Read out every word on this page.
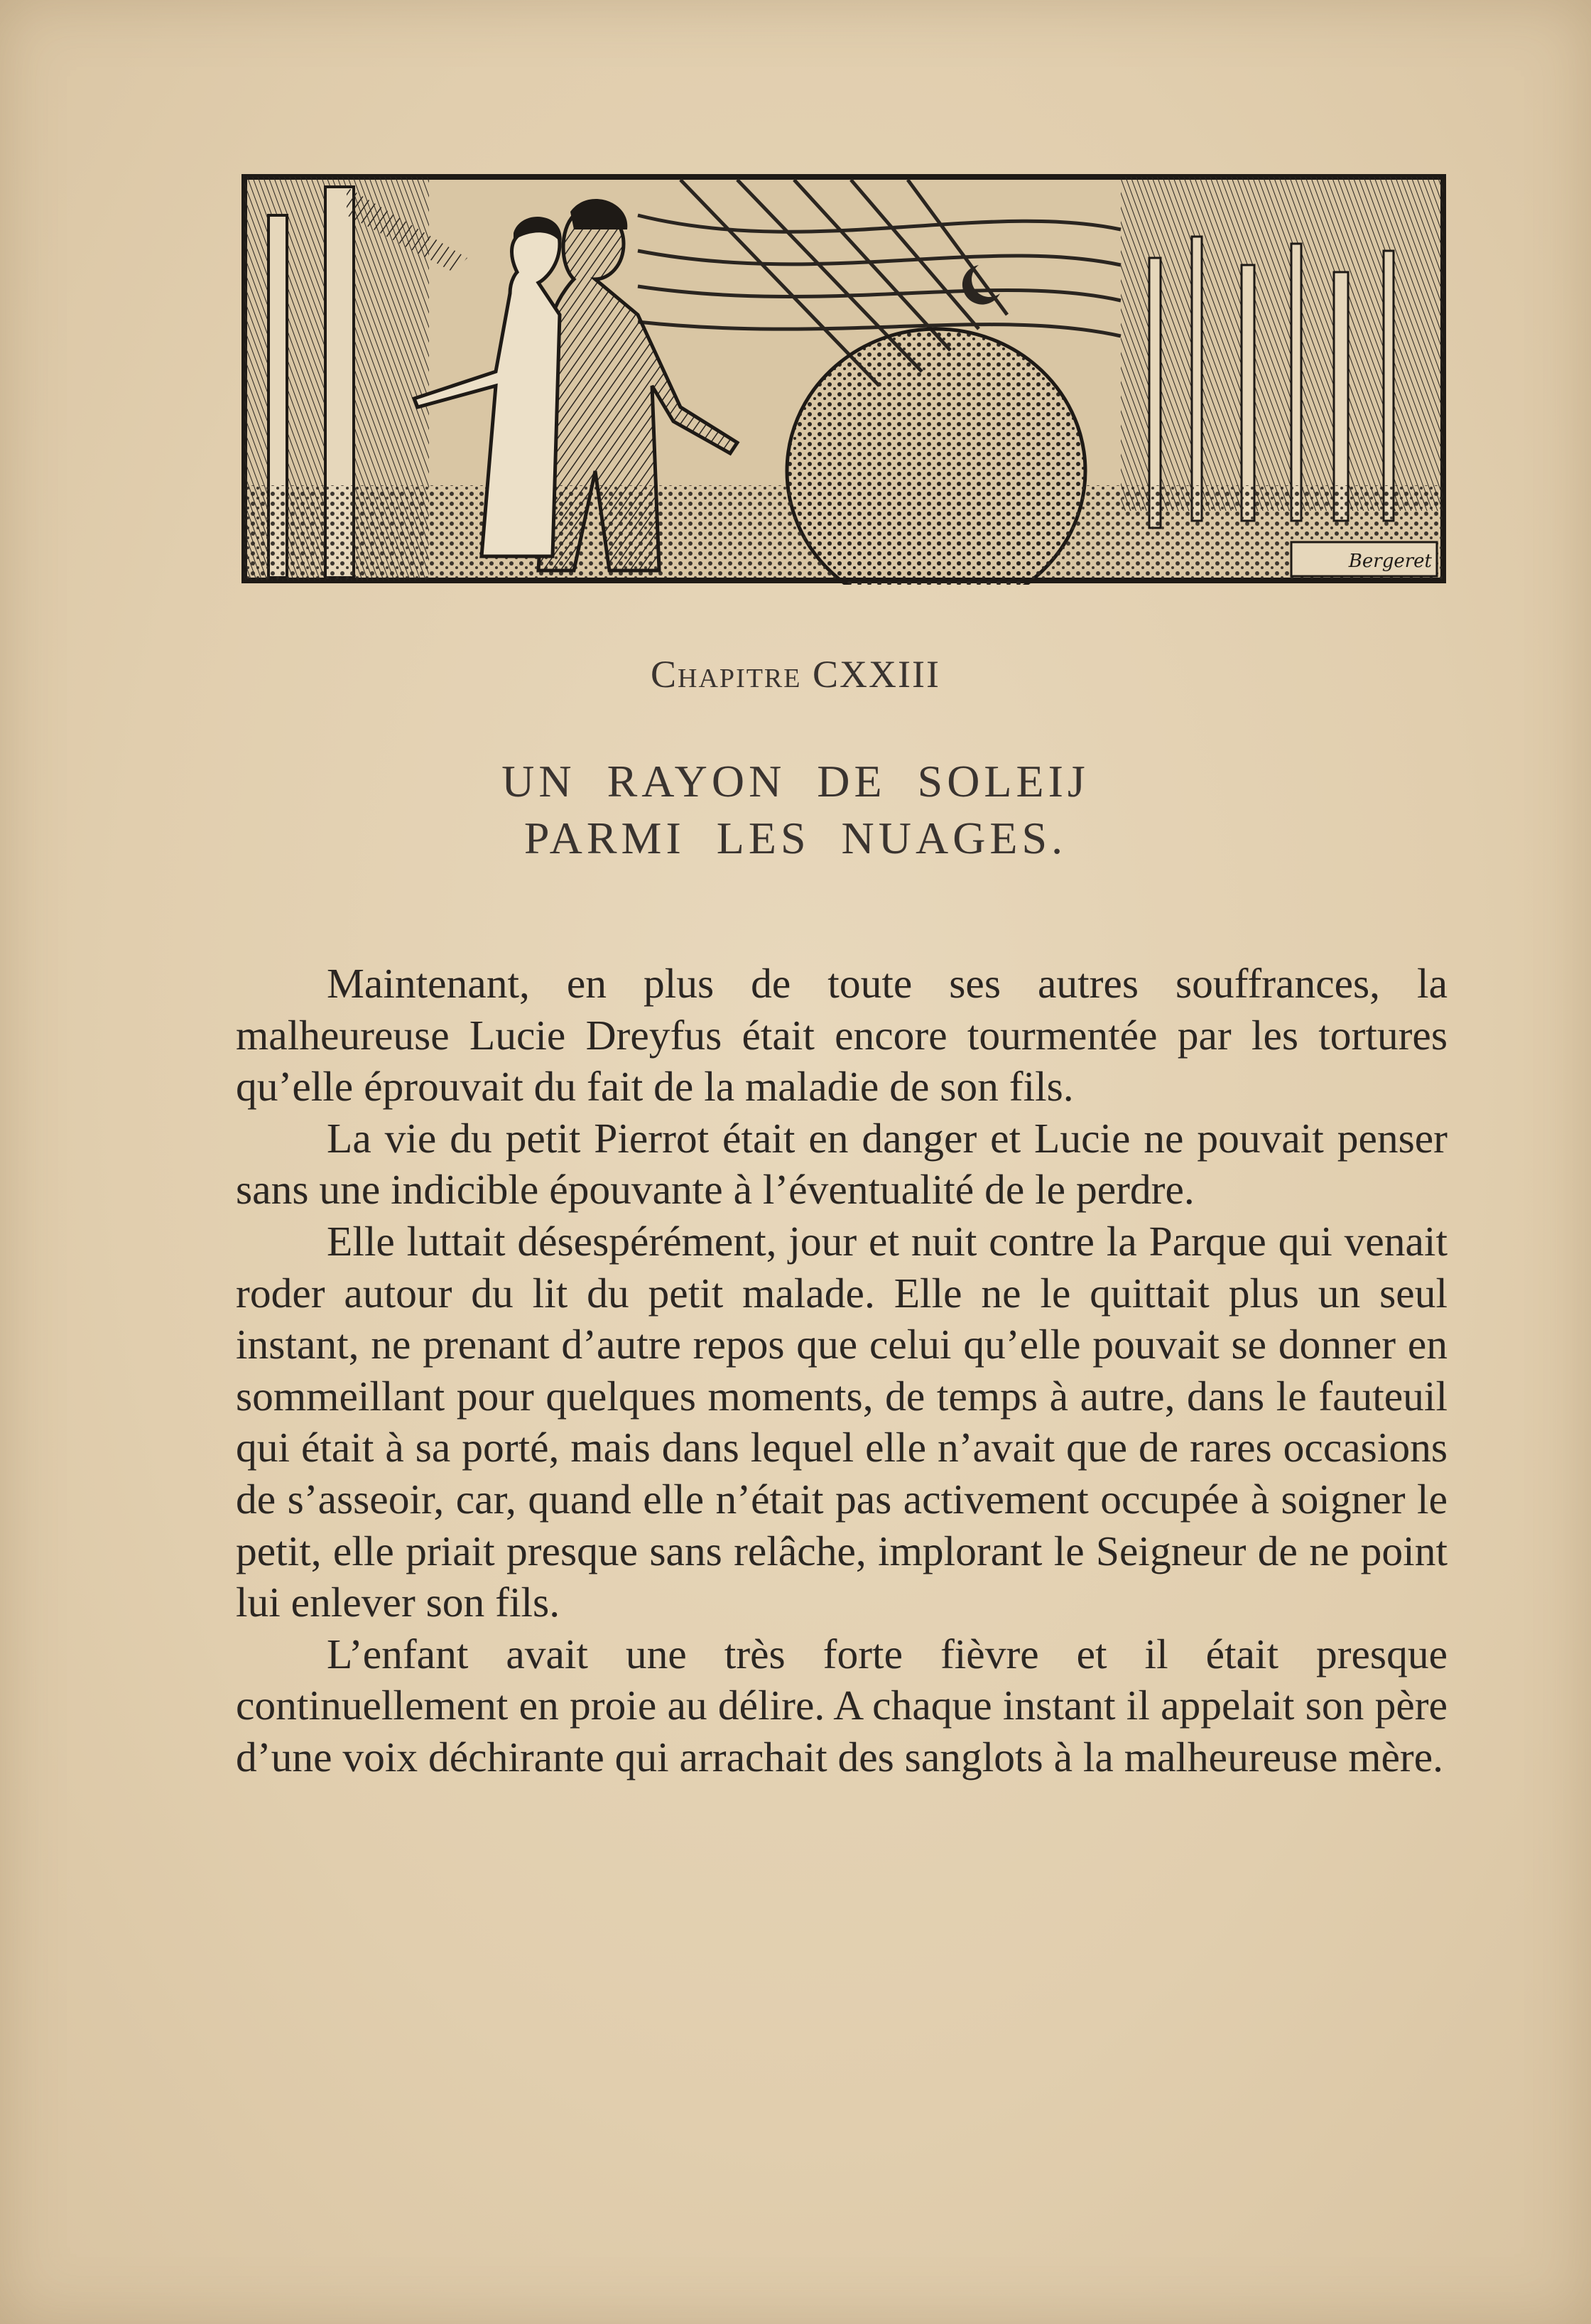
Bergeret
Chapitre CXXIII
UN RAYON DE SOLEIJ
PARMI LES NUAGES.

Maintenant, en plus de toute ses autres souffrances, la malheureuse Lucie Dreyfus était encore tourmentée par les tortures qu’elle éprouvait du fait de la maladie de son fils.

La vie du petit Pierrot était en danger et Lucie ne pouvait penser sans une indicible épouvante à l’éventualité de le perdre.

Elle luttait désespérément, jour et nuit contre la Parque qui venait roder autour du lit du petit malade. Elle ne le quittait plus un seul instant, ne prenant d’autre repos que celui qu’elle pouvait se donner en sommeillant pour quelques moments, de temps à autre, dans le fauteuil qui était à sa porté, mais dans lequel elle n’avait que de rares occasions de s’asseoir, car, quand elle n’était pas activement occupée à soigner le petit, elle priait presque sans relâche, implorant le Seigneur de ne point lui enlever son fils.

L’enfant avait une très forte fièvre et il était presque continuellement en proie au délire. A chaque instant il appelait son père d’une voix déchirante qui arrachait des sanglots à la malheureuse mère.
